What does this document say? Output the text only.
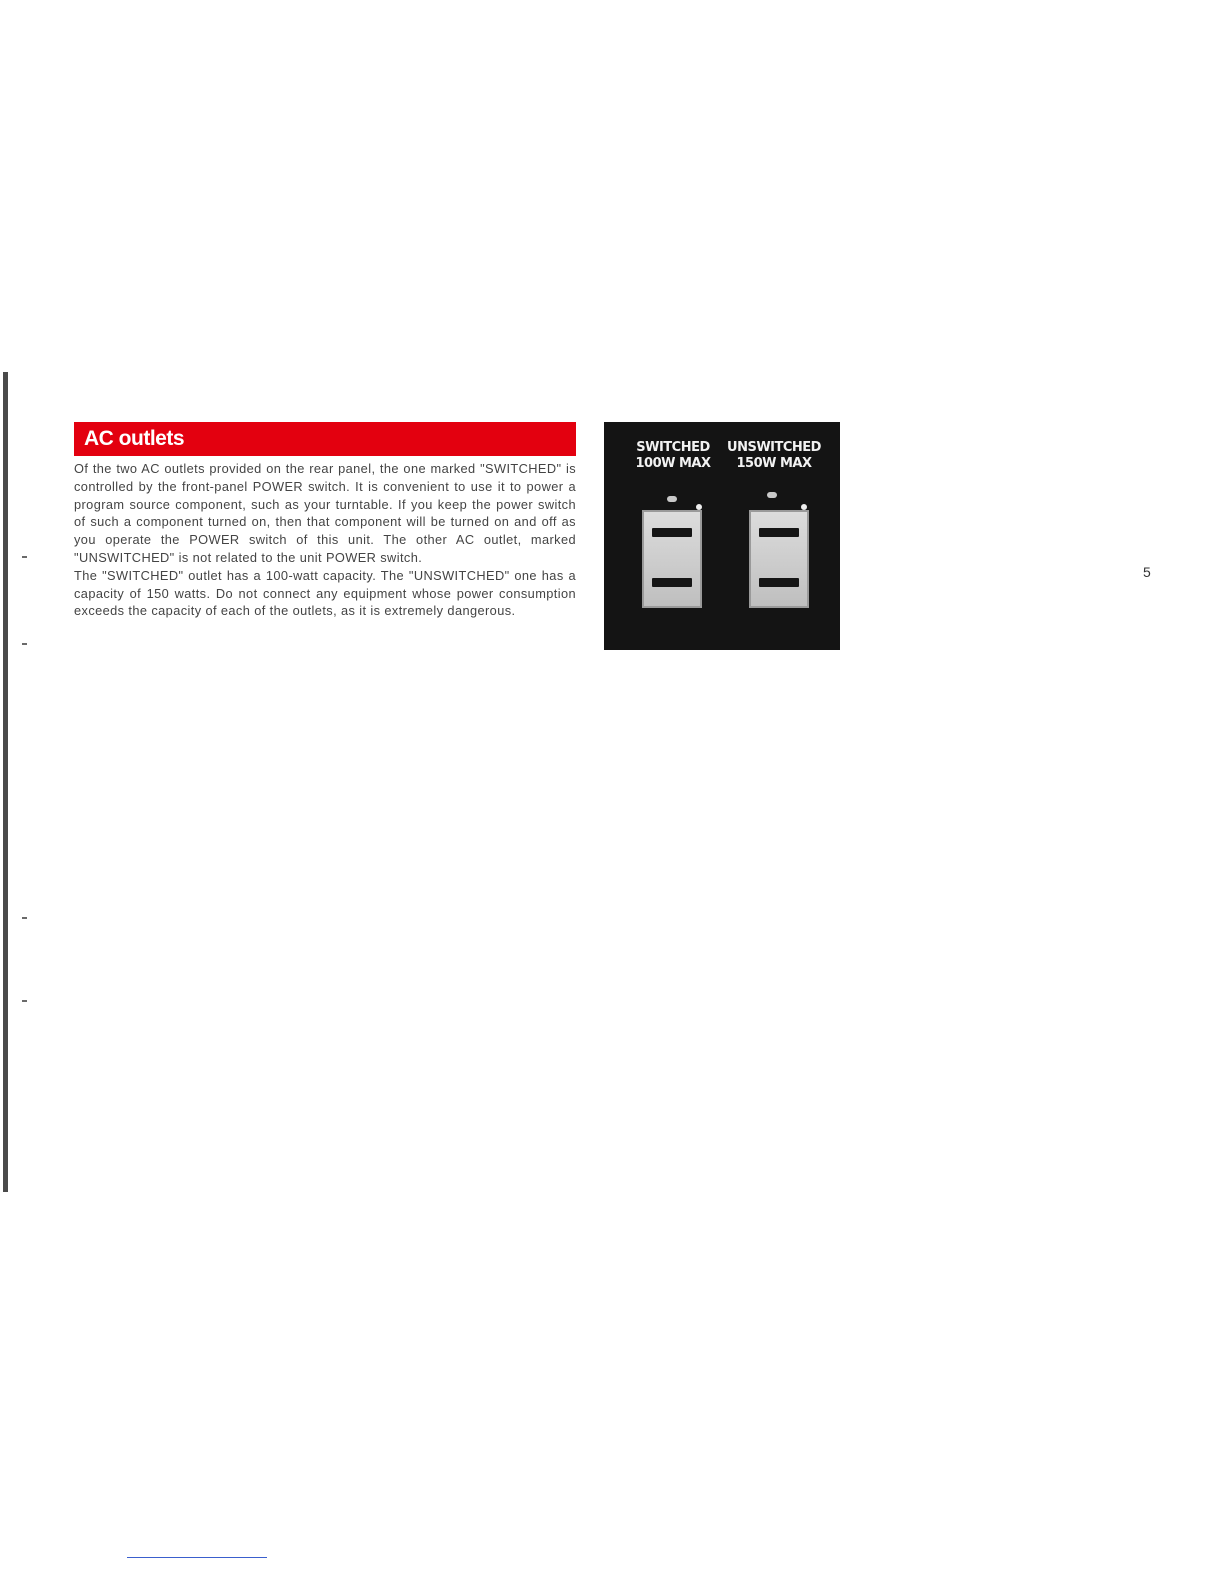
AC outlets

Of the two AC outlets provided on the rear panel, the one marked "SWITCHED" is controlled by the front-panel POWER switch. It is convenient to use it to power a program source component, such as your turntable. If you keep the power switch of such a component turned on, then that component will be turned on and off as you operate the POWER switch of this unit. The other AC outlet, marked "UNSWITCHED" is not related to the unit POWER switch.

The "SWITCHED" outlet has a 100-watt capacity. The "UNSWITCHED" one has a capacity of 150 watts. Do not connect any equipment whose power consumption exceeds the capacity of each of the outlets, as it is extremely dangerous.

SWITCHED
100W MAX
UNSWITCHED
150W MAX
5
